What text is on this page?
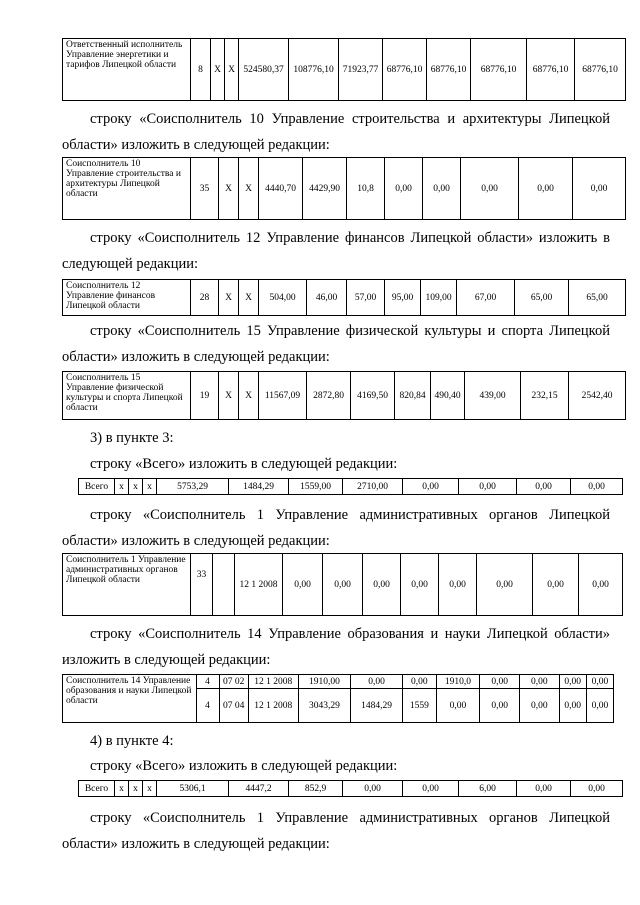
Ответственный исполнитель Управление энергетики и тарифов Липецкой области	8	Х	Х	524580,37	108776,10	71923,77	68776,10	68776,10	68776,10	68776,10	68776,10
строку «Соисполнитель 10 Управление строительства и архитектуры Липецкой области» изложить в следующей редакции:
Соисполнитель 10 Управление строительства и архитектуры Липецкой области	35	Х	Х	4440,70	4429,90	10,8	0,00	0,00	0,00	0,00	0,00
строку «Соисполнитель 12 Управление финансов Липецкой области» изложить в следующей редакции:
Соисполнитель 12 Управление финансов Липецкой области	28	Х	Х	504,00	46,00	57,00	95,00	109,00	67,00	65,00	65,00
строку «Соисполнитель 15 Управление физической культуры и спорта Липецкой области» изложить в следующей редакции:
Соисполнитель 15 Управление физической культуры и спорта Липецкой области	19	Х	Х	11567,09	2872,80	4169,50	820,84	490,40	439,00	232,15	2542,40
3) в пункте 3:
строку «Всего» изложить в следующей редакции:
Всего	х	х	х	5753,29	1484,29	1559,00	2710,00	0,00	0,00	0,00	0,00
строку «Соисполнитель 1 Управление административных органов Липецкой области» изложить в следующей редакции:
Соисполнитель 1 Управление административных органов Липецкой области	33		12 1 2008	0,00	0,00	0,00	0,00	0,00	0,00	0,00	0,00
строку «Соисполнитель 14 Управление образования и науки Липецкой области» изложить в следующей редакции:
Соисполнитель 14 Управление образования и науки Липецкой области	4	07 02	12 1 2008	1910,00	0,00	0,00	1910,0	0,00	0,00	0,00	0,00
	4	07 04	12 1 2008	3043,29	1484,29	1559	0,00	0,00	0,00	0,00	0,00
4) в пункте 4:
строку «Всего» изложить в следующей редакции:
Всего	х	х	х	5306,1	4447,2	852,9	0,00	0,00	6,00	0,00	0,00
строку «Соисполнитель 1 Управление административных органов Липецкой области» изложить в следующей редакции:
